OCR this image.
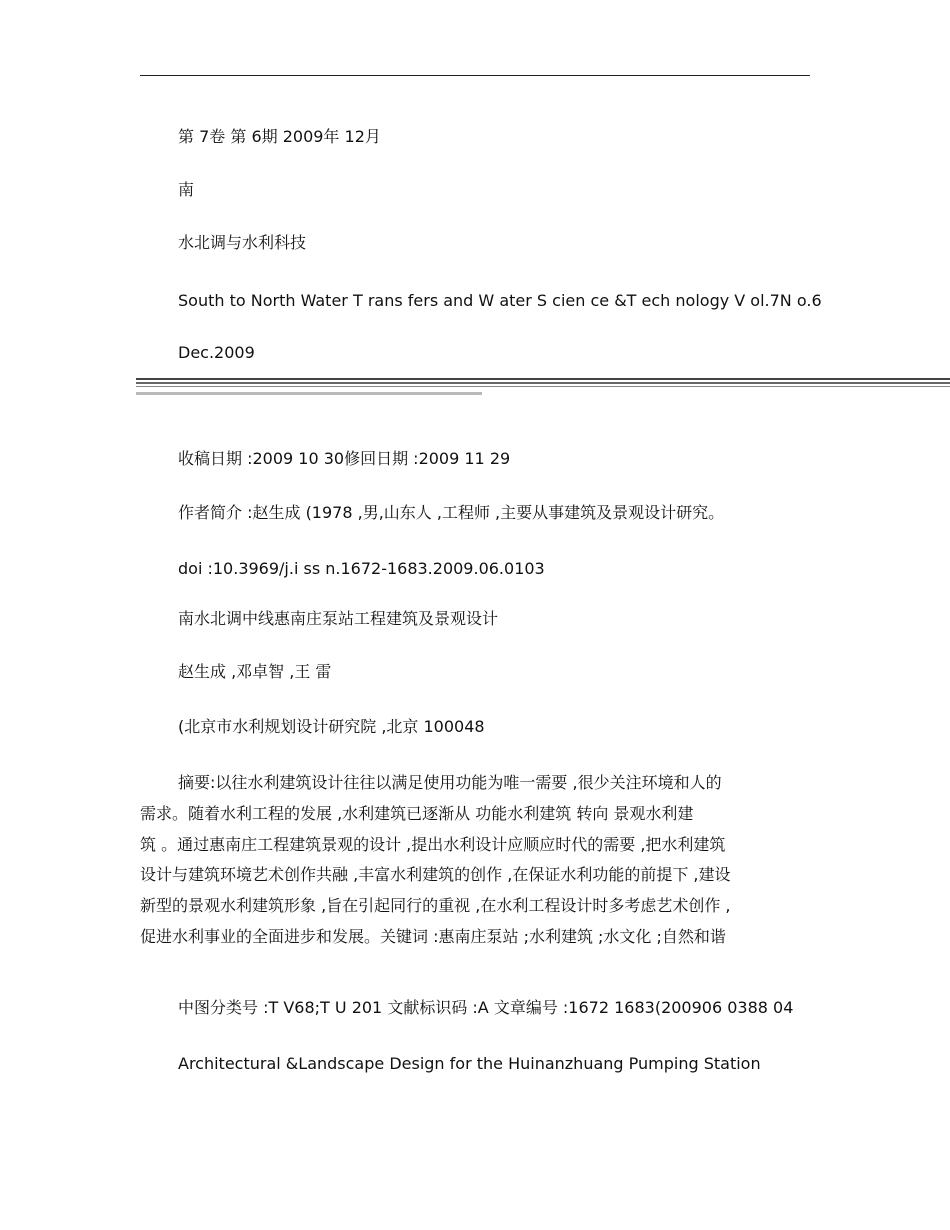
第 7卷 第 6期 2009年 12月
南
水北调与水利科技
South to North Water T rans fers and W ater S cien ce &T ech nology V ol.7N o.6
Dec.2009
收稿日期 :2009 10 30修回日期 :2009 11 29
作者简介 :赵生成 (1978 ,男,山东人 ,工程师 ,主要从事建筑及景观设计研究。
doi :10.3969/j.i ss n.1672-1683.2009.06.0103
南水北调中线惠南庄泵站工程建筑及景观设计
赵生成 ,邓卓智 ,王 雷
(北京市水利规划设计研究院 ,北京 100048

摘要:以往水利建筑设计往往以满足使用功能为唯一需要 ,很少关注环境和人的

需求。随着水利工程的发展 ,水利建筑已逐渐从 功能水利建筑 转向 景观水利建

筑 。通过惠南庄工程建筑景观的设计 ,提出水利设计应顺应时代的需要 ,把水利建筑

设计与建筑环境艺术创作共融 ,丰富水利建筑的创作 ,在保证水利功能的前提下 ,建设

新型的景观水利建筑形象 ,旨在引起同行的重视 ,在水利工程设计时多考虑艺术创作 ,

促进水利事业的全面进步和发展。关键词 :惠南庄泵站 ;水利建筑 ;水文化 ;自然和谐

中图分类号 :T V68;T U 201 文献标识码 :A 文章编号 :1672 1683(200906 0388 04
Architectural &Landscape Design for the Huinanzhuang Pumping Station
